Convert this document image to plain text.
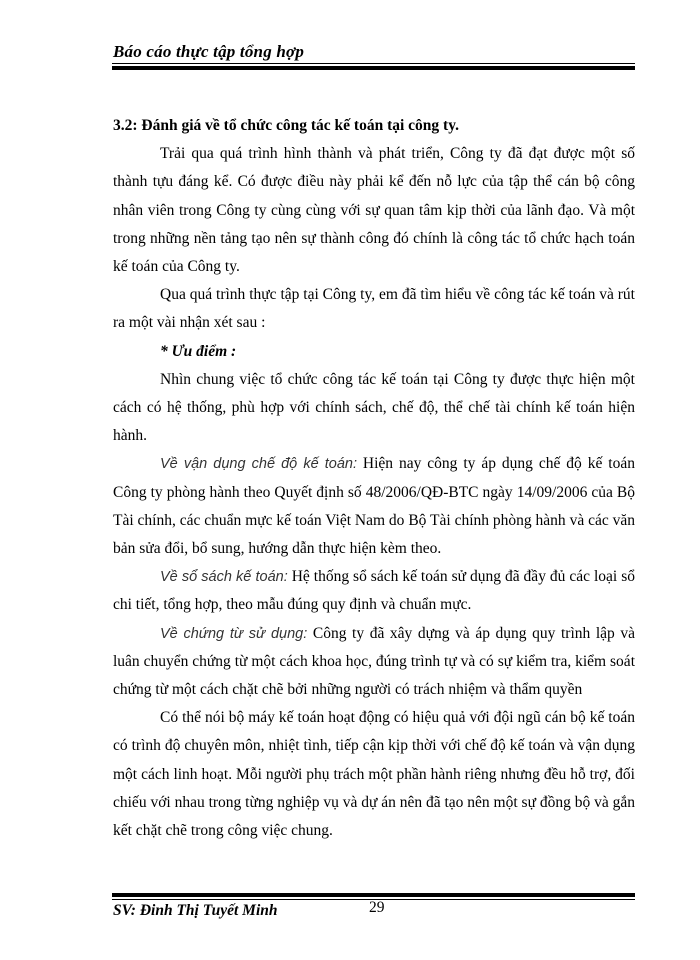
Báo cáo thực tập tổng hợp

3.2: Đánh giá về tổ chức công tác kế toán tại công ty.

Trải qua quá trình hình thành và phát triển, Công ty đã đạt được một số thành tựu đáng kể. Có được điều này phải kể đến nỗ lực của tập thể cán bộ công nhân viên trong Công ty cùng cùng với sự quan tâm kịp thời của lãnh đạo. Và một trong những nền tảng tạo nên sự thành công đó chính là công tác tổ chức hạch toán kế toán của Công ty.

Qua quá trình thực tập tại Công ty, em đã tìm hiểu về công tác kế toán và rút ra một vài nhận xét sau :

* Ưu điểm :

Nhìn chung việc tổ chức công tác kế toán tại Công ty được thực hiện một cách có hệ thống, phù hợp với chính sách, chế độ, thể chế tài chính kế toán hiện hành.

Về vận dụng chế độ kế toán: Hiện nay công ty áp dụng chế độ kế toán Công ty phòng hành theo Quyết định số 48/2006/QĐ-BTC ngày 14/09/2006 của Bộ Tài chính, các chuẩn mực kế toán Việt Nam do Bộ Tài chính phòng hành và các văn bản sửa đổi, bổ sung, hướng dẫn thực hiện kèm theo.

Về sổ sách kế toán: Hệ thống sổ sách kế toán sử dụng đã đầy đủ các loại sổ chi tiết, tổng hợp, theo mẫu đúng quy định và chuẩn mực.

Về chứng từ sử dụng: Công ty đã xây dựng và áp dụng quy trình lập và luân chuyển chứng từ một cách khoa học, đúng trình tự và có sự kiểm tra, kiểm soát chứng từ một cách chặt chẽ bởi những người có trách nhiệm và thẩm quyền

Có thể nói bộ máy kế toán hoạt động có hiệu quả với đội ngũ cán bộ kế toán có trình độ chuyên môn, nhiệt tình, tiếp cận kịp thời với chế độ kế toán và vận dụng một cách linh hoạt. Mỗi người phụ trách một phần hành riêng nhưng đều hỗ trợ, đối chiếu với nhau trong từng nghiệp vụ và dự án nên đã tạo nên một sự đồng bộ và gắn kết chặt chẽ trong công việc chung.

SV: Đinh Thị Tuyết Minh	29
